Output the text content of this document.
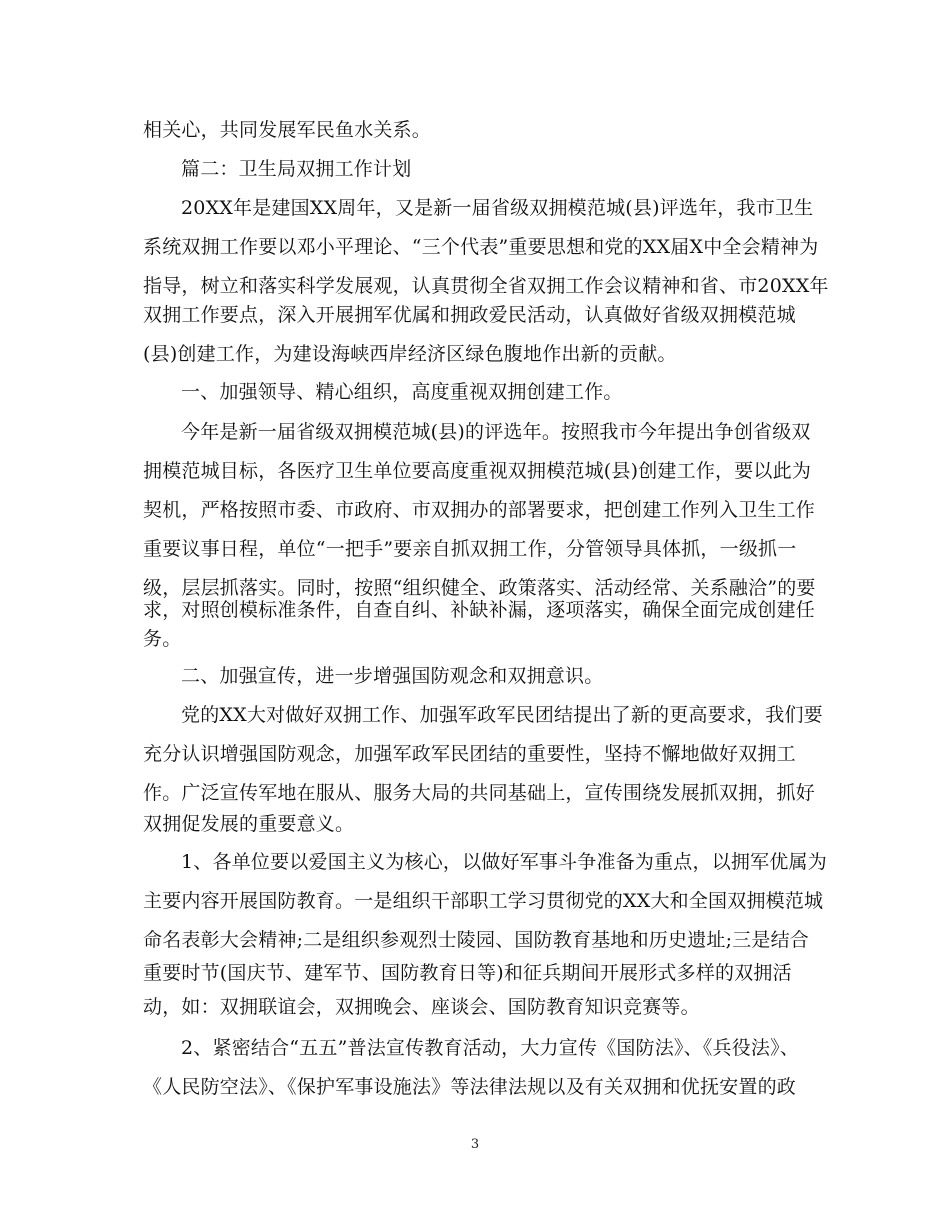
相关心，共同发展军民鱼水关系。
篇二：卫生局双拥工作计划
20XX年是建国XX周年，又是新一届省级双拥模范城(县)评选年，我市卫生
系统双拥工作要以邓小平理论、“三个代表”重要思想和党的XX届X中全会精神为
指导，树立和落实科学发展观，认真贯彻全省双拥工作会议精神和省、市20XX年
双拥工作要点，深入开展拥军优属和拥政爱民活动，认真做好省级双拥模范城
(县)创建工作，为建设海峡西岸经济区绿色腹地作出新的贡献。
一、加强领导、精心组织，高度重视双拥创建工作。
今年是新一届省级双拥模范城(县)的评选年。按照我市今年提出争创省级双
拥模范城目标，各医疗卫生单位要高度重视双拥模范城(县)创建工作，要以此为
契机，严格按照市委、市政府、市双拥办的部署要求，把创建工作列入卫生工作
重要议事日程，单位“一把手”要亲自抓双拥工作，分管领导具体抓，一级抓一
级，层层抓落实。同时，按照“组织健全、政策落实、活动经常、关系融洽”的要
求，对照创模标准条件，自查自纠、补缺补漏，逐项落实，确保全面完成创建任
务。
二、加强宣传，进一步增强国防观念和双拥意识。
党的XX大对做好双拥工作、加强军政军民团结提出了新的更高要求，我们要
充分认识增强国防观念，加强军政军民团结的重要性，坚持不懈地做好双拥工
作。广泛宣传军地在服从、服务大局的共同基础上，宣传围绕发展抓双拥，抓好
双拥促发展的重要意义。
1、各单位要以爱国主义为核心，以做好军事斗争准备为重点，以拥军优属为
主要内容开展国防教育。一是组织干部职工学习贯彻党的XX大和全国双拥模范城
命名表彰大会精神;二是组织参观烈士陵园、国防教育基地和历史遗址;三是结合
重要时节(国庆节、建军节、国防教育日等)和征兵期间开展形式多样的双拥活
动，如：双拥联谊会，双拥晚会、座谈会、国防教育知识竞赛等。
2、紧密结合“五五”普法宣传教育活动，大力宣传《国防法》、《兵役法》、
《人民防空法》、《保护军事设施法》等法律法规以及有关双拥和优抚安置的政
3
